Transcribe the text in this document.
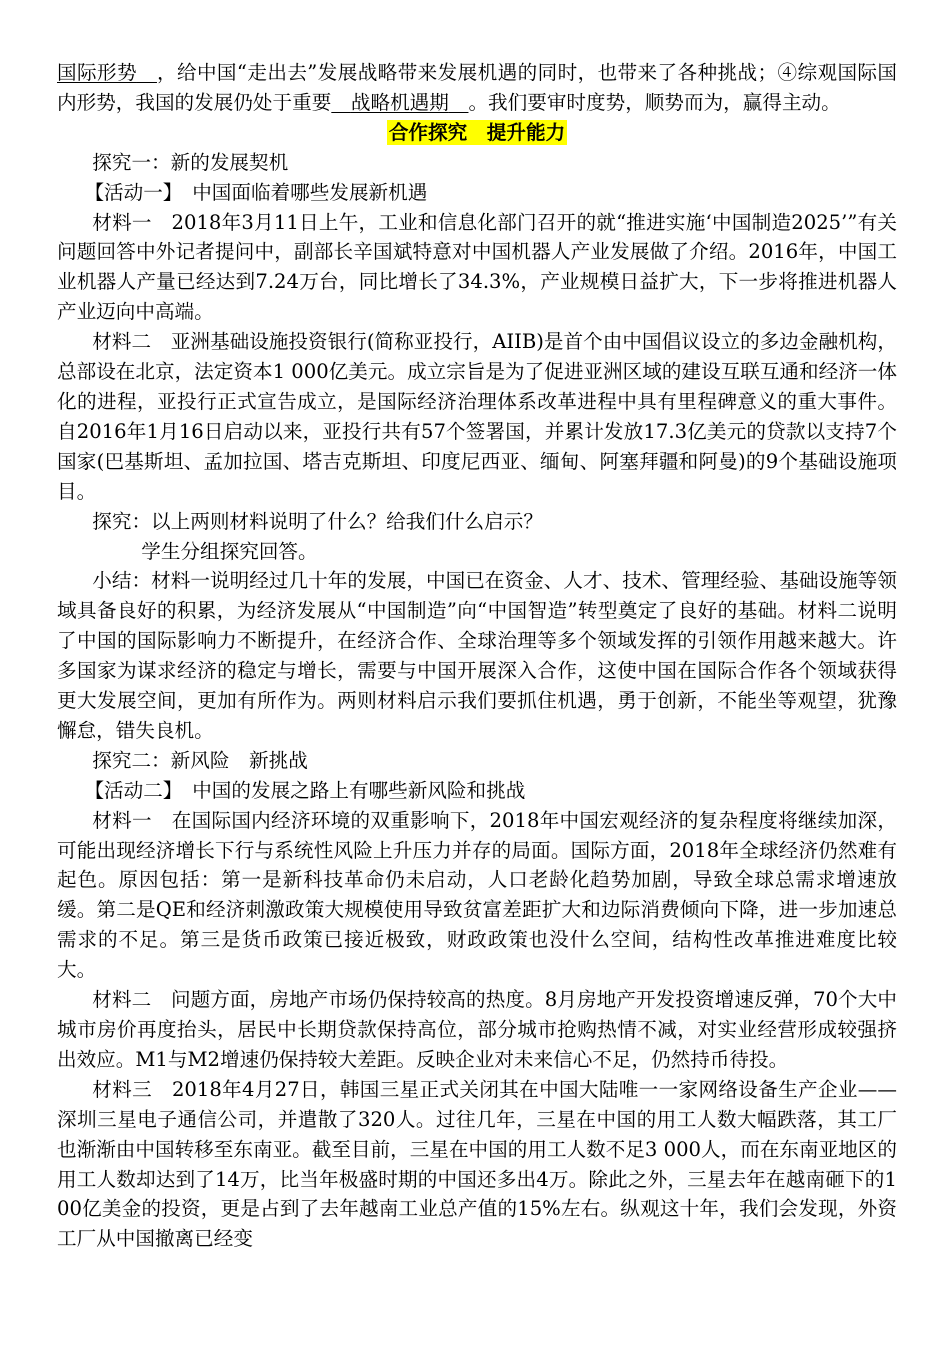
国际形势　 ，给中国“走出去”发展战略带来发展机遇的同时，也带来了各种挑战；④综观国际国内形势，我国的发展仍处于重要  战略机遇期　 。我们要审时度势，顺势而为，赢得主动。

合作探究　提升能力

探究一：新的发展契机

【活动一】　中国面临着哪些发展新机遇

材料一　2018年3月11日上午，工业和信息化部门召开的就“推进实施‘中国制造2025’”有关问题回答中外记者提问中，副部长辛国斌特意对中国机器人产业发展做了介绍。2016年，中国工业机器人产量已经达到7.24万台，同比增长了34.3%，产业规模日益扩大，下一步将推进机器人产业迈向中高端。

材料二　亚洲基础设施投资银行(简称亚投行，AIIB)是首个由中国倡议设立的多边金融机构，总部设在北京，法定资本1 000亿美元。成立宗旨是为了促进亚洲区域的建设互联互通和经济一体化的进程，亚投行正式宣告成立，是国际经济治理体系改革进程中具有里程碑意义的重大事件。自2016年1月16日启动以来，亚投行共有57个签署国，并累计发放17.3亿美元的贷款以支持7个国家(巴基斯坦、孟加拉国、塔吉克斯坦、印度尼西亚、缅甸、阿塞拜疆和阿曼)的9个基础设施项目。

探究：以上两则材料说明了什么？给我们什么启示？

学生分组探究回答。

小结：材料一说明经过几十年的发展，中国已在资金、人才、技术、管理经验、基础设施等领域具备良好的积累，为经济发展从“中国制造”向“中国智造”转型奠定了良好的基础。材料二说明了中国的国际影响力不断提升，在经济合作、全球治理等多个领域发挥的引领作用越来越大。许多国家为谋求经济的稳定与增长，需要与中国开展深入合作，这使中国在国际合作各个领域获得更大发展空间，更加有所作为。两则材料启示我们要抓住机遇，勇于创新，不能坐等观望，犹豫懈怠，错失良机。

探究二：新风险　新挑战

【活动二】　中国的发展之路上有哪些新风险和挑战

材料一　在国际国内经济环境的双重影响下，2018年中国宏观经济的复杂程度将继续加深，可能出现经济增长下行与系统性风险上升压力并存的局面。国际方面，2018年全球经济仍然难有起色。原因包括：第一是新科技革命仍未启动，人口老龄化趋势加剧，导致全球总需求增速放缓。第二是QE和经济刺激政策大规模使用导致贫富差距扩大和边际消费倾向下降，进一步加速总需求的不足。第三是货币政策已接近极致，财政政策也没什么空间，结构性改革推进难度比较大。

材料二　问题方面，房地产市场仍保持较高的热度。8月房地产开发投资增速反弹，70个大中城市房价再度抬头，居民中长期贷款保持高位，部分城市抢购热情不减，对实业经营形成较强挤出效应。M1与M2增速仍保持较大差距。反映企业对未来信心不足，仍然持币待投。

材料三　2018年4月27日，韩国三星正式关闭其在中国大陆唯一一家网络设备生产企业——深圳三星电子通信公司，并遣散了320人。过往几年，三星在中国的用工人数大幅跌落，其工厂也渐渐由中国转移至东南亚。截至目前，三星在中国的用工人数不足3 000人，而在东南亚地区的用工人数却达到了14万，比当年极盛时期的中国还多出4万。除此之外，三星去年在越南砸下的100亿美金的投资，更是占到了去年越南工业总产值的15%左右。纵观这十年，我们会发现，外资工厂从中国撤离已经变
